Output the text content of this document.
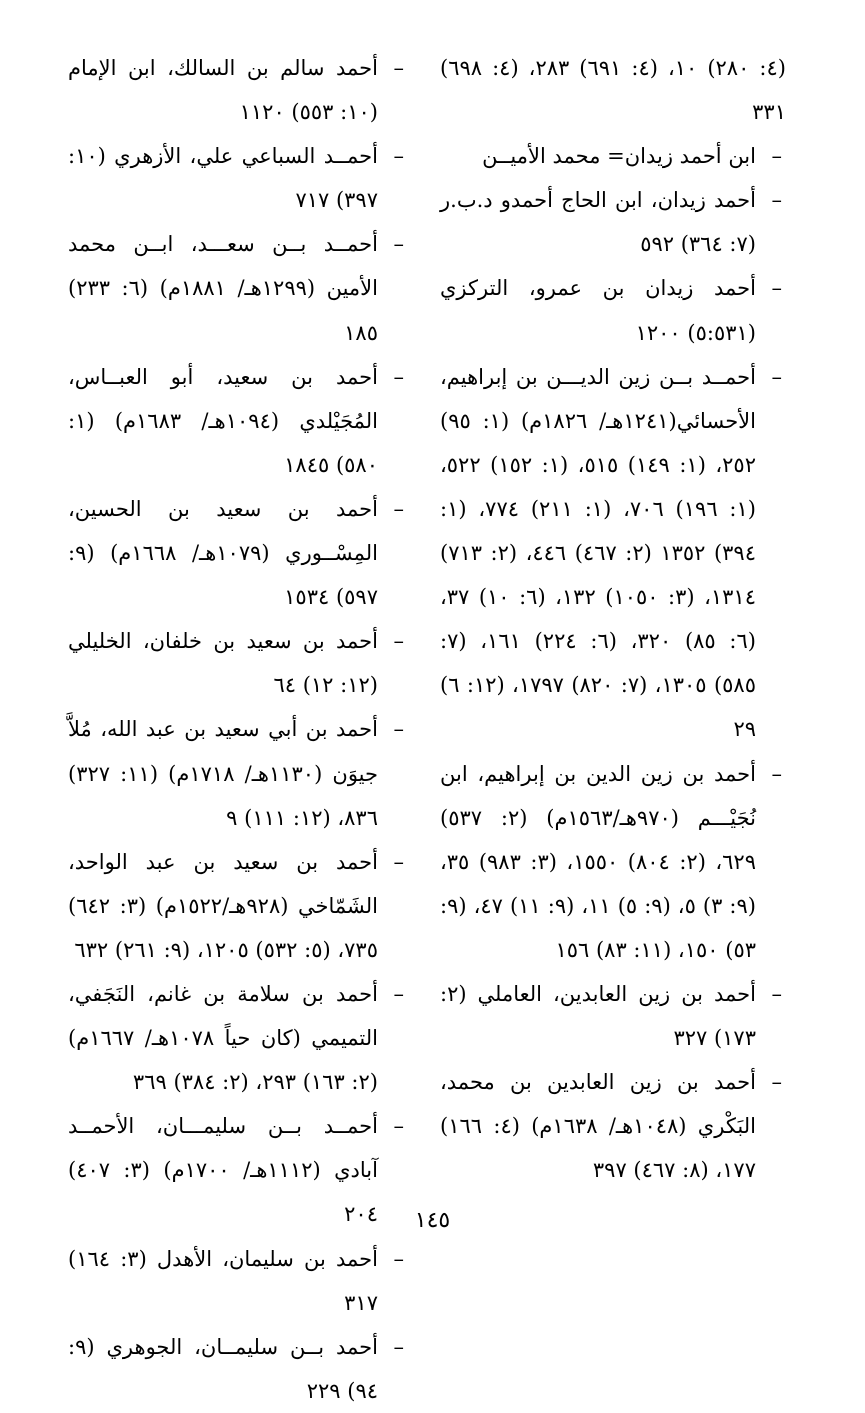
(٤: ٢٨٠) ١٠، (٤: ٦٩١) ٢٨٣، (٤: ٦٩٨) ٣٣١
–
ابن أحمد زيدان= محمد الأميــن
–
أحمد زيدان، ابن الحاج أحمدو د.ب.ر (٧: ٣٦٤) ٥٩٢
–
أحمد زيدان بن عمرو، التركزي (٥:٥٣١) ١٢٠٠
–
أحمــد بــن زين الديـــن بن إبراهيم، الأحسائي(١٢٤١هـ/ ١٨٢٦م) (١: ٩٥) ٢٥٢، (١: ١٤٩) ٥١٥، (١: ١٥٢) ٥٢٢، (١: ١٩٦) ٧٠٦، (١: ٢١١) ٧٧٤، (١: ٣٩٤) ١٣٥٢ (٢: ٤٦٧) ٤٤٦، (٢: ٧١٣) ١٣١٤، (٣: ١٠٥٠) ١٣٢، (٦: ١٠) ٣٧، (٦: ٨٥) ٣٢٠، (٦: ٢٢٤) ١٦١، (٧: ٥٨٥) ١٣٠٥، (٧: ٨٢٠) ١٧٩٧، (١٢: ٦) ٢٩
–
أحمد بن زين الدين بن إبراهيم، ابن نُجَيْـــم (٩٧٠هـ/١٥٦٣م) (٢: ٥٣٧) ٦٢٩، (٢: ٨٠٤) ١٥٥٠، (٣: ٩٨٣) ٣٥، (٩: ٣) ٥، (٩: ٥) ١١، (٩: ١١) ٤٧، (٩: ٥٣) ١٥٠، (١١: ٨٣) ١٥٦
–
أحمد بن زين العابدين، العاملي (٢: ١٧٣) ٣٢٧
–
أحمد بن زين العابدين بن محمد، البَكْري (١٠٤٨هـ/ ١٦٣٨م) (٤: ١٦٦) ١٧٧، (٨: ٤٦٧) ٣٩٧
–
أحمد سالم بن السالك، ابن الإمام (١٠: ٥٥٣) ١١٢٠
–
أحمــد السباعي علي، الأزهري (١٠: ٣٩٧) ٧١٧
–
أحمــد بــن سعـــد، ابــن محمد الأمين (١٢٩٩هـ/ ١٨٨١م) (٦: ٢٣٣) ١٨٥
–
أحمد بن سعيد، أبو العبــاس، المُجَيْلدي (١٠٩٤هـ/ ١٦٨٣م) (١: ٥٨٠) ١٨٤٥
–
أحمد بن سعيد بن الحسين، المِسْــوري (١٠٧٩هـ/ ١٦٦٨م) (٩: ٥٩٧) ١٥٣٤
–
أحمد بن سعيد بن خلفان، الخليلي (١٢: ١٢) ٦٤
–
أحمد بن أبي سعيد بن عبد الله، مُلاَّ جيوَن (١١٣٠هـ/ ١٧١٨م) (١١: ٣٢٧) ٨٣٦، (١٢: ١١١) ٩
–
أحمد بن سعيد بن عبد الواحد، الشَمّاخي (٩٢٨هـ/١٥٢٢م) (٣: ٦٤٢) ٧٣٥، (٥: ٥٣٢) ١٢٠٥، (٩: ٢٦١) ٦٣٢
–
أحمد بن سلامة بن غانم، النَجَفي، التميمي (كان حياً ١٠٧٨هـ/ ١٦٦٧م) (٢: ١٦٣) ٢٩٣، (٢: ٣٨٤) ٣٦٩
–
أحمــد بــن سليمـــان، الأحمــد آبادي (١١١٢هـ/ ١٧٠٠م) (٣: ٤٠٧) ٢٠٤
–
أحمد بن سليمان، الأهدل (٣: ١٦٤) ٣١٧
–
أحمد بــن سليمــان، الجوهري (٩: ٩٤) ٢٢٩
١٤٥
